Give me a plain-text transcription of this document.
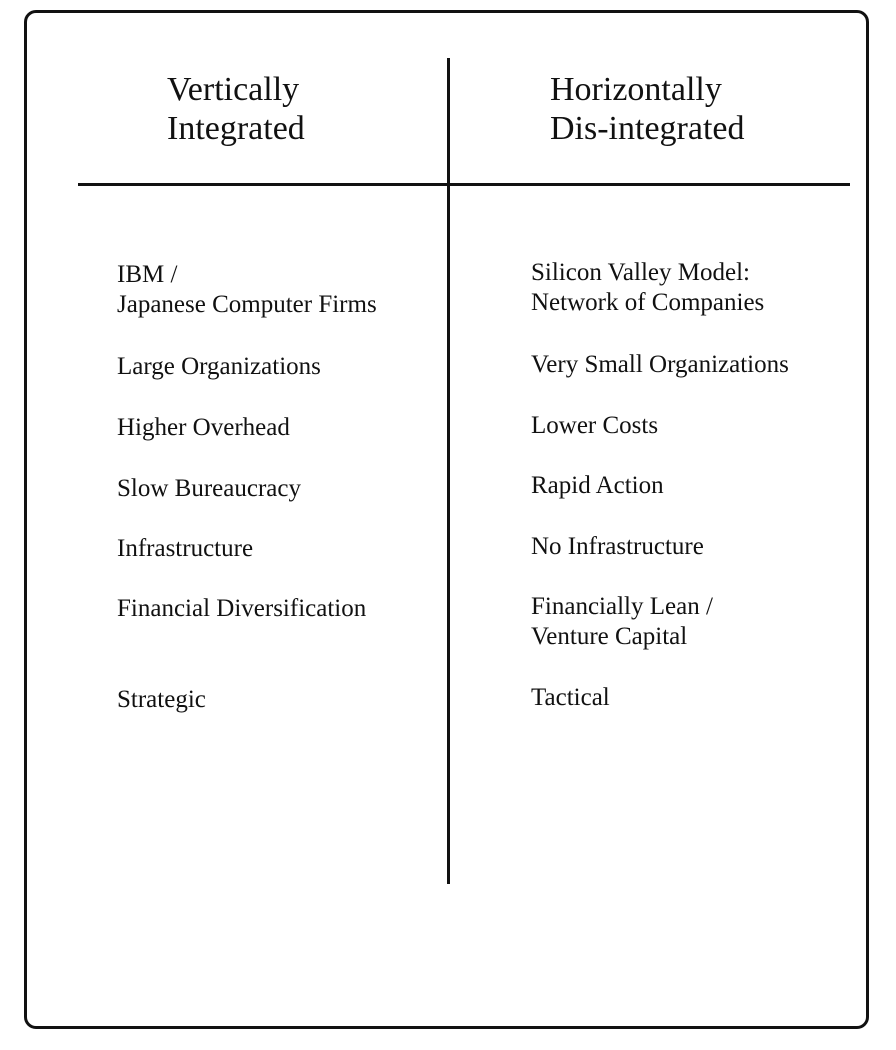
Vertically
Integrated
Horizontally
Dis-integrated

IBM /
Japanese Computer Firms

Large Organizations

Higher Overhead

Slow Bureaucracy

Infrastructure

Financial Diversification

Strategic

Silicon Valley Model:
Network of Companies

Very Small Organizations

Lower Costs

Rapid Action

No Infrastructure

Financially Lean /
Venture Capital

Tactical
